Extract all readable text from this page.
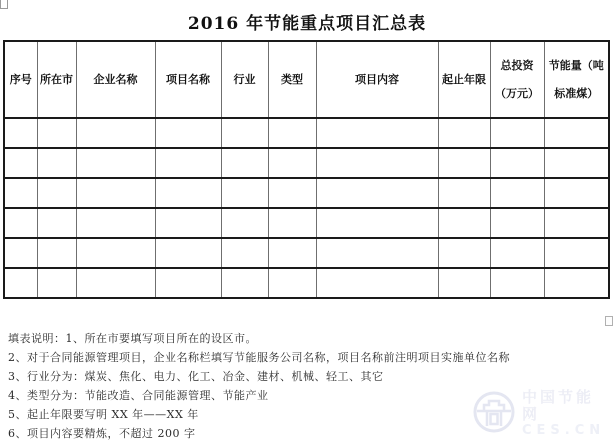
2016 年节能重点项目汇总表
序号	所在市	企业名称	项目名称	行业	类型	项目内容	起止年限	总投资（万元）	节能量（吨标准煤）

填表说明：1、所在市要填写项目所在的设区市。
2、对于合同能源管理项目，企业名称栏填写节能服务公司名称，项目名称前注明项目实施单位名称
3、行业分为：煤炭、焦化、电力、化工、冶金、建材、机械、轻工、其它
4、类型分为：节能改造、合同能源管理、节能产业
5、起止年限要写明 XX 年——XX 年
6、项目内容要精炼，不超过 200 字
中国节能网
CES.CN
